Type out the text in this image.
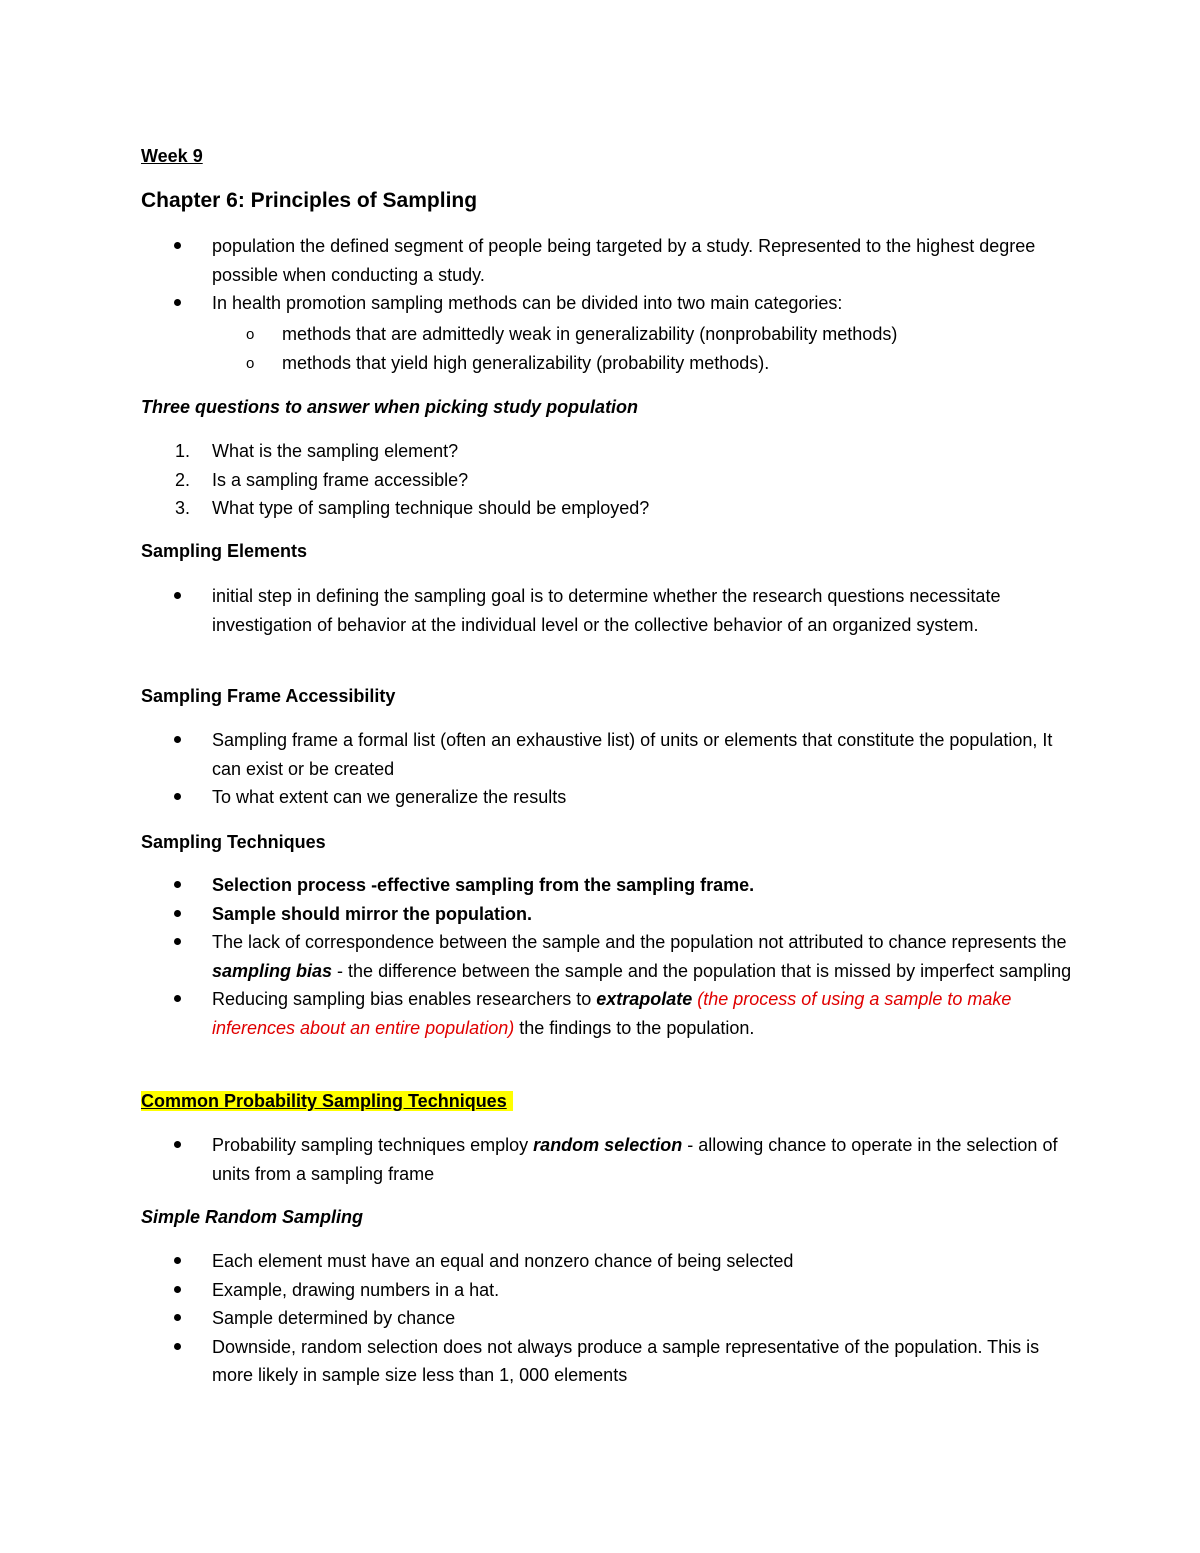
Week 9
Chapter 6: Principles of Sampling
population the defined segment of people being targeted by a study. Represented to the highest degree possible when conducting a study.
In health promotion sampling methods can be divided into two main categories:
o methods that are admittedly weak in generalizability (nonprobability methods)
o methods that yield high generalizability (probability methods).
Three questions to answer when picking study population
1. What is the sampling element?
2. Is a sampling frame accessible?
3. What type of sampling technique should be employed?
Sampling Elements
initial step in defining the sampling goal is to determine whether the research questions necessitate investigation of behavior at the individual level or the collective behavior of an organized system.
Sampling Frame Accessibility
Sampling frame a formal list (often an exhaustive list) of units or elements that constitute the population, It can exist or be created
To what extent can we generalize the results
Sampling Techniques
Selection process -effective sampling from the sampling frame.
Sample should mirror the population.
The lack of correspondence between the sample and the population not attributed to chance represents the sampling bias - the difference between the sample and the population that is missed by imperfect sampling
Reducing sampling bias enables researchers to extrapolate (the process of using a sample to make inferences about an entire population) the findings to the population.
Common Probability Sampling Techniques
Probability sampling techniques employ random selection - allowing chance to operate in the selection of units from a sampling frame
Simple Random Sampling
Each element must have an equal and nonzero chance of being selected
Example, drawing numbers in a hat.
Sample determined by chance
Downside, random selection does not always produce a sample representative of the population. This is more likely in sample size less than 1, 000 elements
